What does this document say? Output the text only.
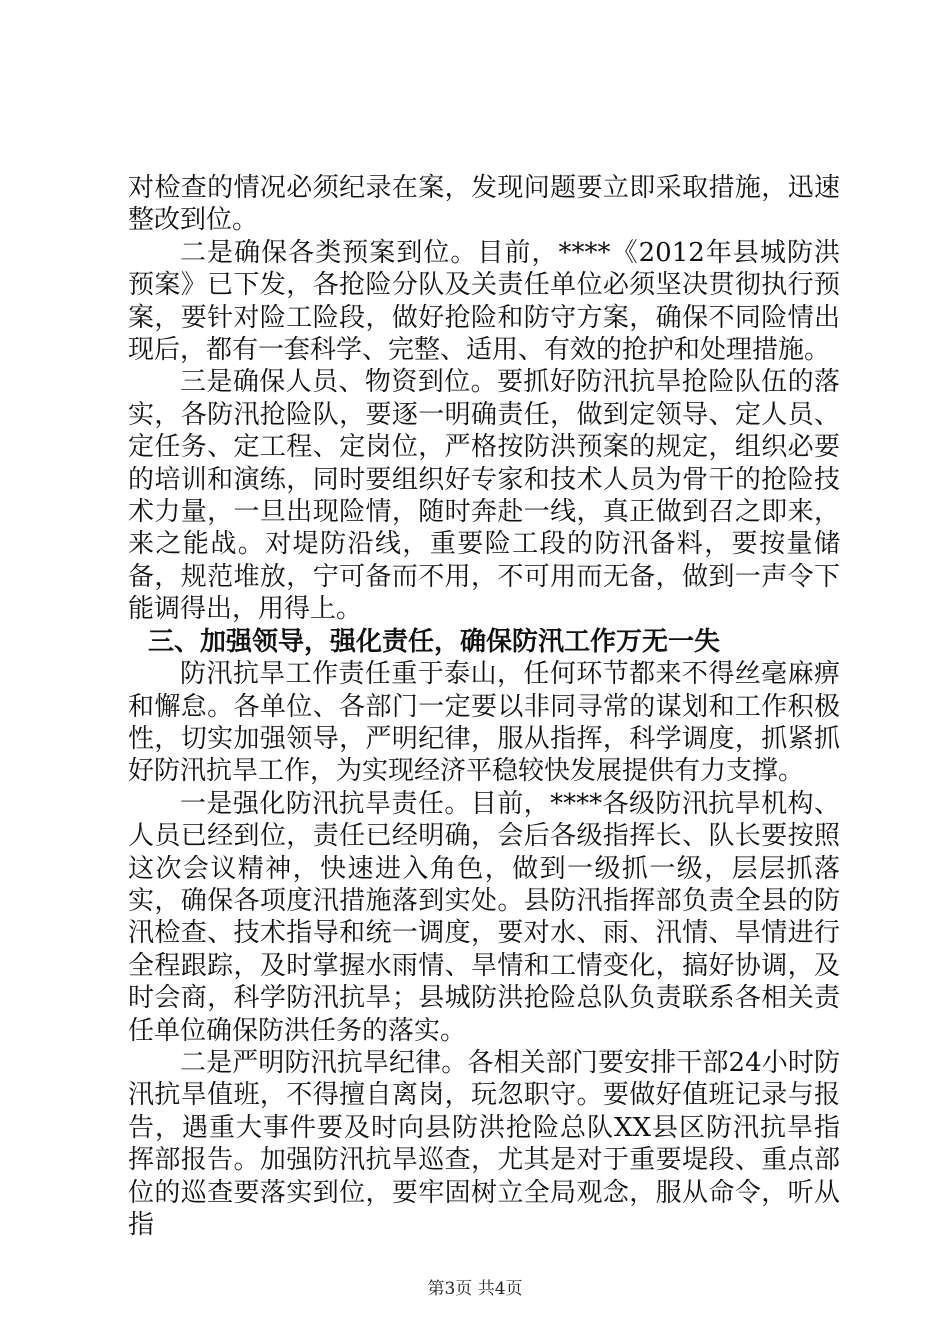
对检查的情况必须纪录在案，发现问题要立即采取措施，迅速整改到位。

二是确保各类预案到位。目前，****《2012年县城防洪预案》已下发，各抢险分队及关责任单位必须坚决贯彻执行预案，要针对险工险段，做好抢险和防守方案，确保不同险情出现后，都有一套科学、完整、适用、有效的抢护和处理措施。

三是确保人员、物资到位。要抓好防汛抗旱抢险队伍的落实，各防汛抢险队，要逐一明确责任，做到定领导、定人员、定任务、定工程、定岗位，严格按防洪预案的规定，组织必要的培训和演练，同时要组织好专家和技术人员为骨干的抢险技术力量，一旦出现险情，随时奔赴一线，真正做到召之即来，来之能战。对堤防沿线，重要险工段的防汛备料，要按量储备，规范堆放，宁可备而不用，不可用而无备，做到一声令下能调得出，用得上。

三、加强领导，强化责任，确保防汛工作万无一失

防汛抗旱工作责任重于泰山，任何环节都来不得丝毫麻痹和懈怠。各单位、各部门一定要以非同寻常的谋划和工作积极性，切实加强领导，严明纪律，服从指挥，科学调度，抓紧抓好防汛抗旱工作，为实现经济平稳较快发展提供有力支撑。

一是强化防汛抗旱责任。目前，****各级防汛抗旱机构、人员已经到位，责任已经明确，会后各级指挥长、队长要按照这次会议精神，快速进入角色，做到一级抓一级，层层抓落实，确保各项度汛措施落到实处。县防汛指挥部负责全县的防汛检查、技术指导和统一调度，要对水、雨、汛情、旱情进行全程跟踪，及时掌握水雨情、旱情和工情变化，搞好协调，及时会商，科学防汛抗旱；县城防洪抢险总队负责联系各相关责任单位确保防洪任务的落实。

二是严明防汛抗旱纪律。各相关部门要安排干部24小时防汛抗旱值班，不得擅自离岗，玩忽职守。要做好值班记录与报告，遇重大事件要及时向县防洪抢险总队XX县区防汛抗旱指挥部报告。加强防汛抗旱巡查，尤其是对于重要堤段、重点部位的巡查要落实到位，要牢固树立全局观念，服从命令，听从指

第3页 共4页
